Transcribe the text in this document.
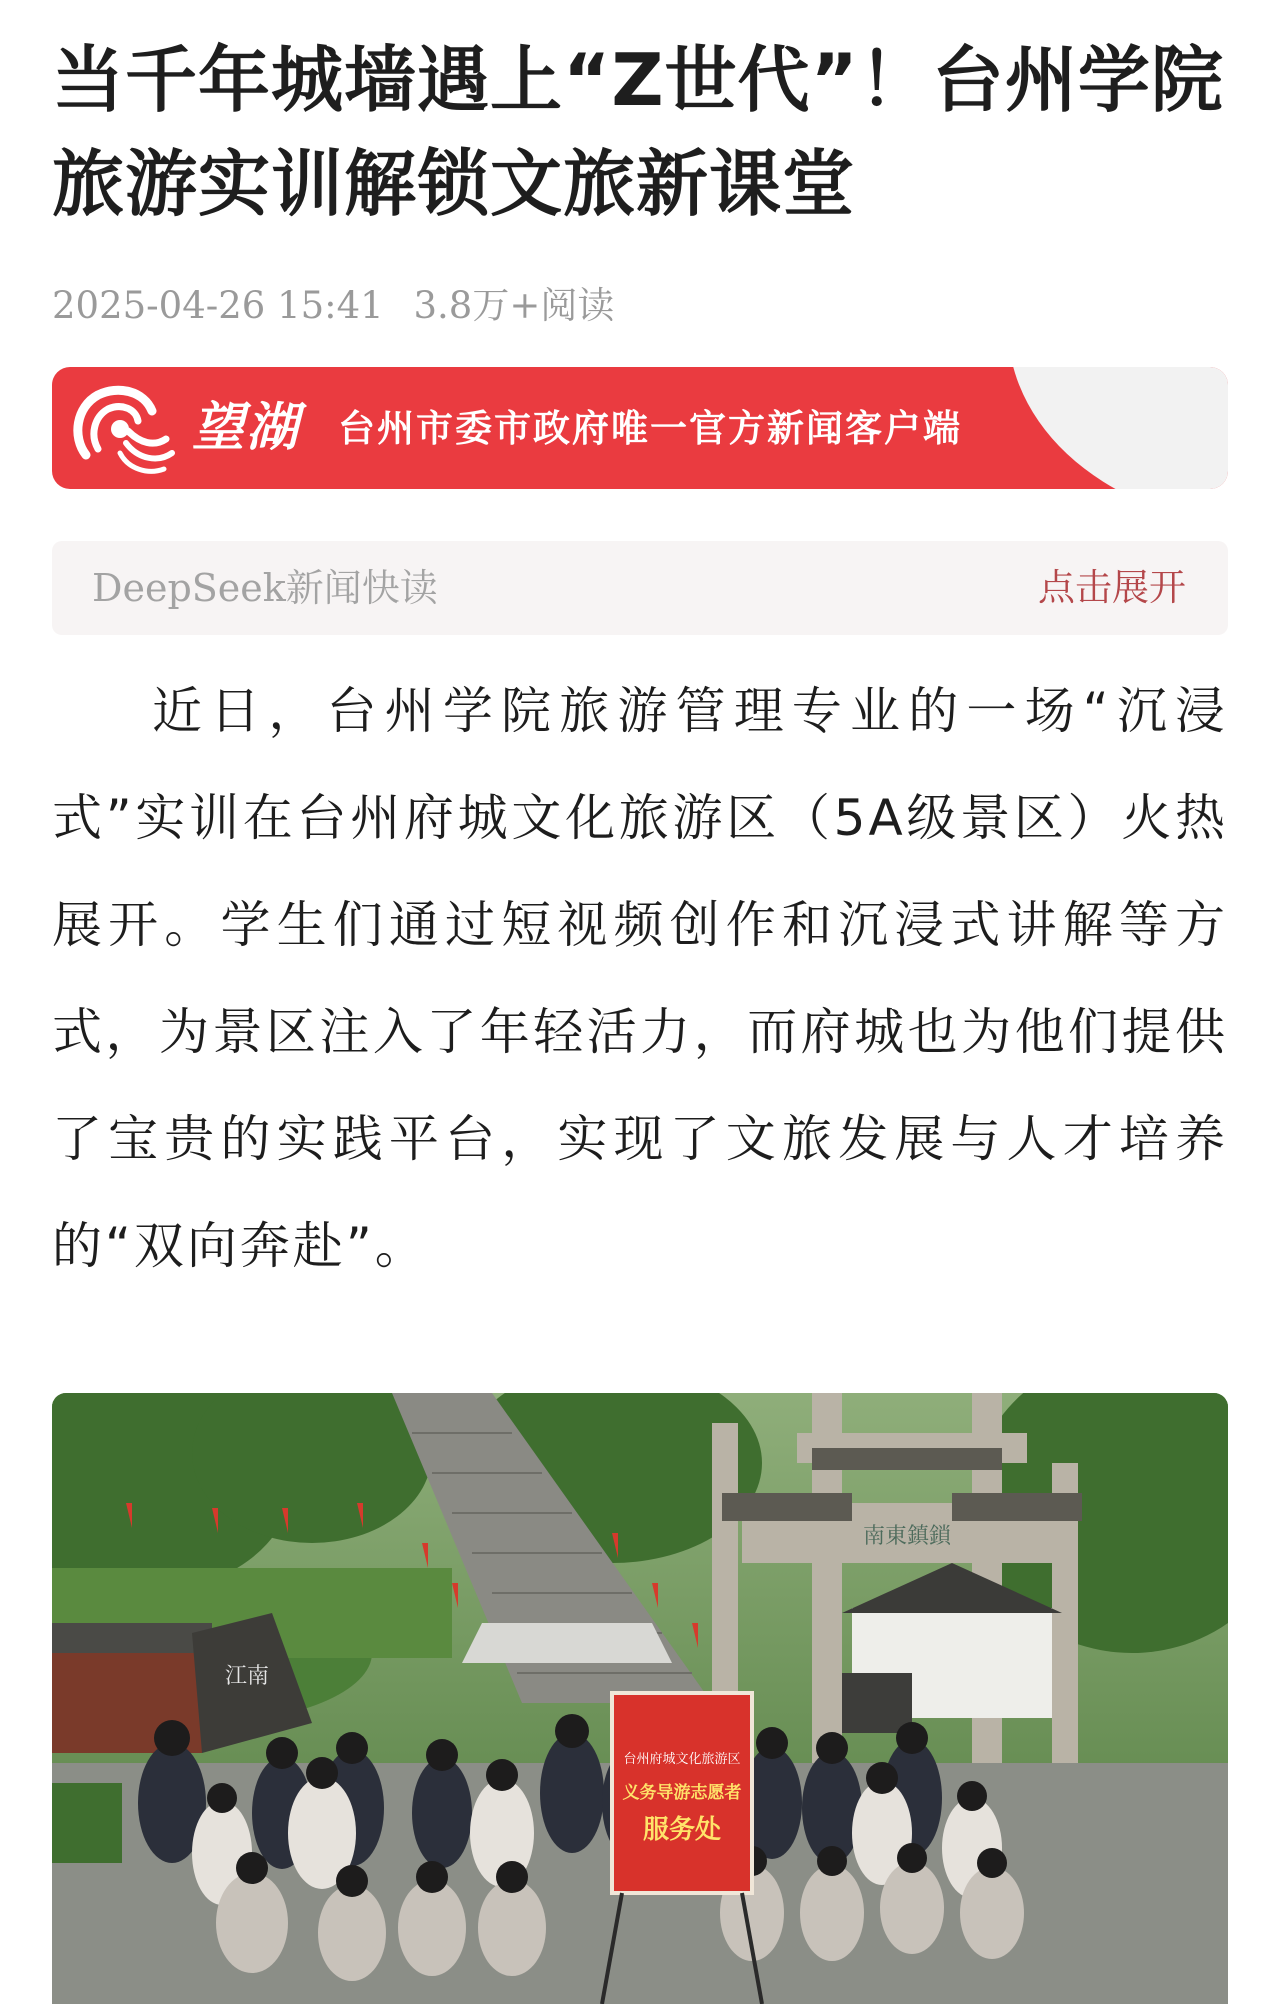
当千年城墙遇上“Z世代”！台州学院旅游实训解锁文旅新课堂
2025-04-26 15:41 3.8万+阅读
望湖 台州市委市政府唯一官方新闻客户端
DeepSeek新闻快读	点击展开

近日，台州学院旅游管理专业的一场“沉浸式”实训在台州府城文化旅游区（5A级景区）火热展开。学生们通过短视频创作和沉浸式讲解等方式，为景区注入了年轻活力，而府城也为他们提供了宝贵的实践平台，实现了文旅发展与人才培养的“双向奔赴”。

南東鎮鎖
江南
台州府城文化旅游区
义务导游志愿者
服务处
